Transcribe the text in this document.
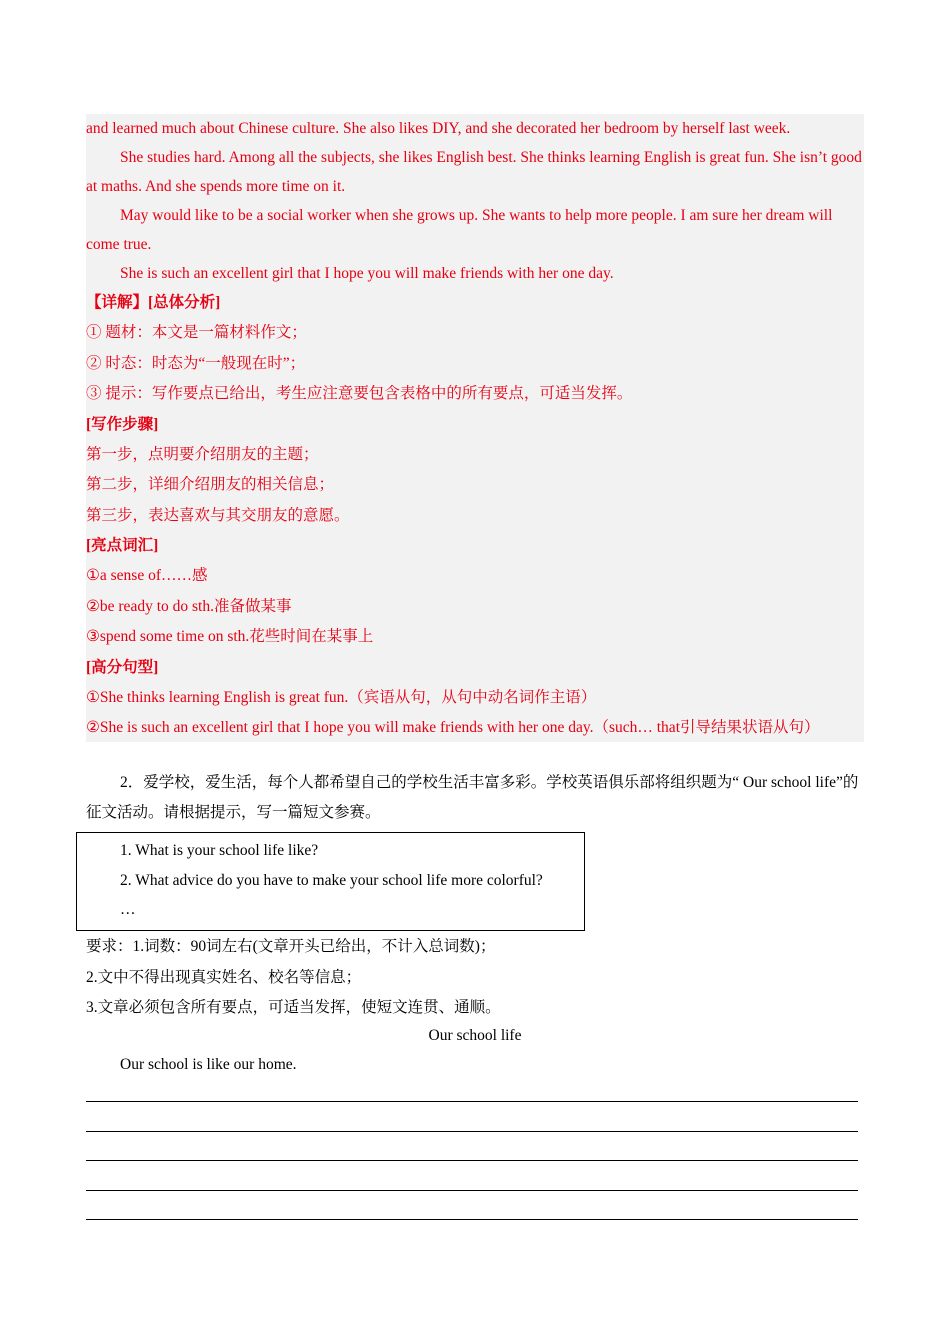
and learned much about Chinese culture. She also likes DIY, and she decorated her bedroom by herself last week.

She studies hard. Among all the subjects, she likes English best. She thinks learning English is great fun. She isn’t good at maths. And she spends more time on it.

May would like to be a social worker when she grows up. She wants to help more people. I am sure her dream will come true.

She is such an excellent girl that I hope you will make friends with her one day.

【详解】[总体分析]

① 题材：本文是一篇材料作文；

② 时态：时态为“一般现在时”；

③ 提示：写作要点已给出，考生应注意要包含表格中的所有要点，可适当发挥。

[写作步骤]

第一步，点明要介绍朋友的主题；

第二步，详细介绍朋友的相关信息；

第三步，表达喜欢与其交朋友的意愿。

[亮点词汇]

①a sense of……感

②be ready to do sth.准备做某事

③spend some time on sth.花些时间在某事上

[高分句型]

①She thinks learning English is great fun.（宾语从句，从句中动名词作主语）

②She is such an excellent girl that I hope you will make friends with her one day.（such… that引导结果状语从句）

2．爱学校，爱生活，每个人都希望自己的学校生活丰富多彩。学校英语俱乐部将组织题为“ Our school life”的征文活动。请根据提示，写一篇短文参赛。

1. What is your school life like?

2. What advice do you have to make your school life more colorful?

…

要求：1.词数：90词左右(文章开头已给出，不计入总词数)；

2.文中不得出现真实姓名、校名等信息；

3.文章必须包含所有要点，可适当发挥，使短文连贯、通顺。

Our school life
Our school is like our home.
